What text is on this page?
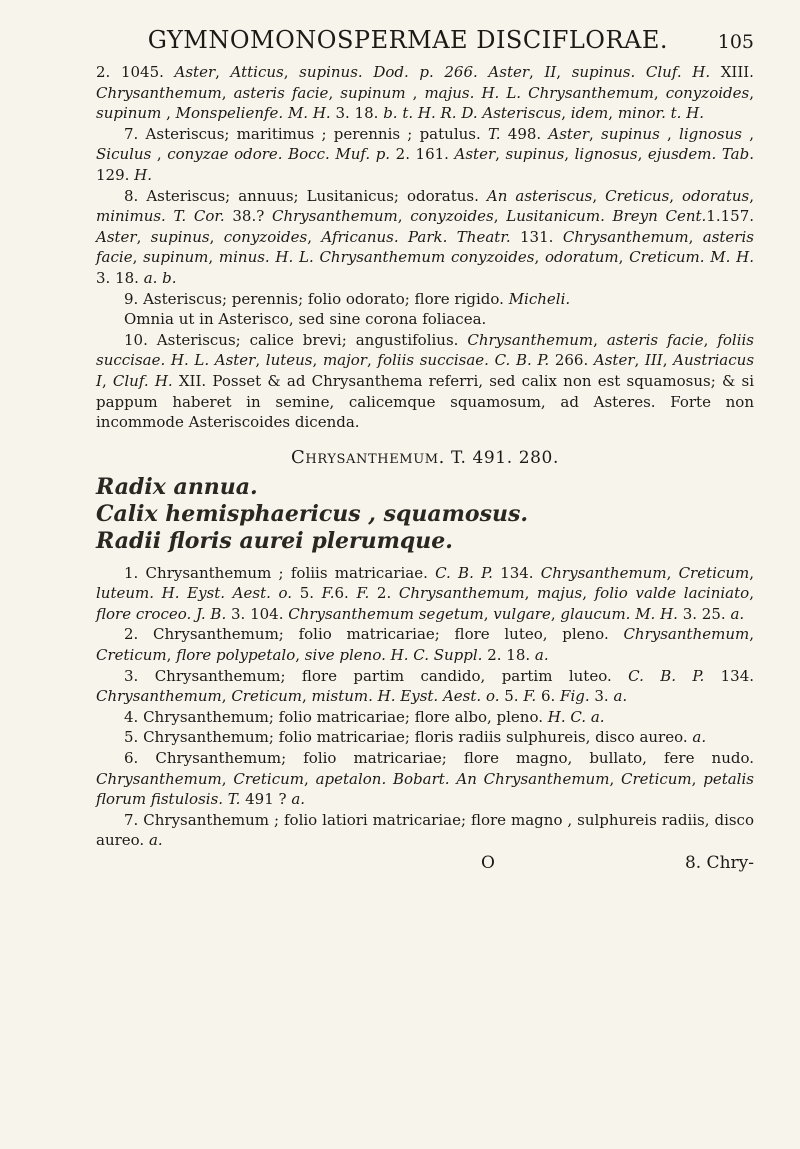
GYMNOMONOSPERMAE DISCIFLORAE.	105

2. 1045. Aster, Atticus, supinus. Dod. p. 266. Aster, II, supinus. Cluf. H. XIII. Chrysanthemum, asteris facie, supinum , majus. H. L. Chrysanthemum, conyzoides, supinum , Monspelienfe. M. H. 3. 18. b. t. H. R. D. Asteriscus, idem, minor. t. H.

7. Asteriscus; maritimus ; perennis ; patulus. T. 498. Aster, supinus , lignosus , Siculus , conyzae odore. Bocc. Muf. p. 2. 161. Aster, supinus, lignosus, ejusdem. Tab. 129. H.

8. Asteriscus; annuus; Lusitanicus; odoratus. An asteriscus, Creticus, odoratus, minimus. T. Cor. 38.? Chrysanthemum, conyzoides, Lusitanicum. Breyn Cent.1.157. Aster, supinus, conyzoides, Africanus. Park. Theatr. 131. Chrysanthemum, asteris facie, supinum, minus. H. L. Chrysanthemum conyzoides, odoratum, Creticum. M. H. 3. 18. a. b.

9. Asteriscus; perennis; folio odorato; flore rigido. Micheli.

Omnia ut in Asterisco, sed sine corona foliacea.

10. Asteriscus; calice brevi; angustifolius. Chrysanthemum, asteris facie, foliis succisae. H. L. Aster, luteus, major, foliis succisae. C. B. P. 266. Aster, III, Austriacus I, Cluf. H. XII. Posset & ad Chrysanthema referri, sed calix non est squamosus; & si pappum haberet in semine, calicemque squamosum, ad Asteres. Forte non incommode Asteriscoides dicenda.

Chrysanthemum. T. 491. 280.

Radix annua.

Calix hemisphaericus , squamosus.

Radii floris aurei plerumque.

1. Chrysanthemum ; foliis matricariae. C. B. P. 134. Chrysanthemum, Creticum, luteum. H. Eyst. Aest. o. 5. F.6. F. 2. Chrysanthemum, majus, folio valde laciniato, flore croceo. J. B. 3. 104. Chrysanthemum segetum, vulgare, glaucum. M. H. 3. 25. a.

2. Chrysanthemum; folio matricariae; flore luteo, pleno. Chrysanthemum, Creticum, flore polypetalo, sive pleno. H. C. Suppl. 2. 18. a.

3. Chrysanthemum; flore partim candido, partim luteo. C. B. P. 134. Chrysanthemum, Creticum, mistum. H. Eyst. Aest. o. 5. F. 6. Fig. 3. a.

4. Chrysanthemum; folio matricariae; flore albo, pleno. H. C. a.

5. Chrysanthemum; folio matricariae; floris radiis sulphureis, disco aureo. a.

6. Chrysanthemum; folio matricariae; flore magno, bullato, fere nudo. Chrysanthemum, Creticum, apetalon. Bobart. An Chrysanthemum, Creticum, petalis florum fistulosis. T. 491 ? a.

7. Chrysanthemum ; folio latiori matricariae; flore magno , sulphureis radiis, disco aureo. a.

O	8. Chry-
